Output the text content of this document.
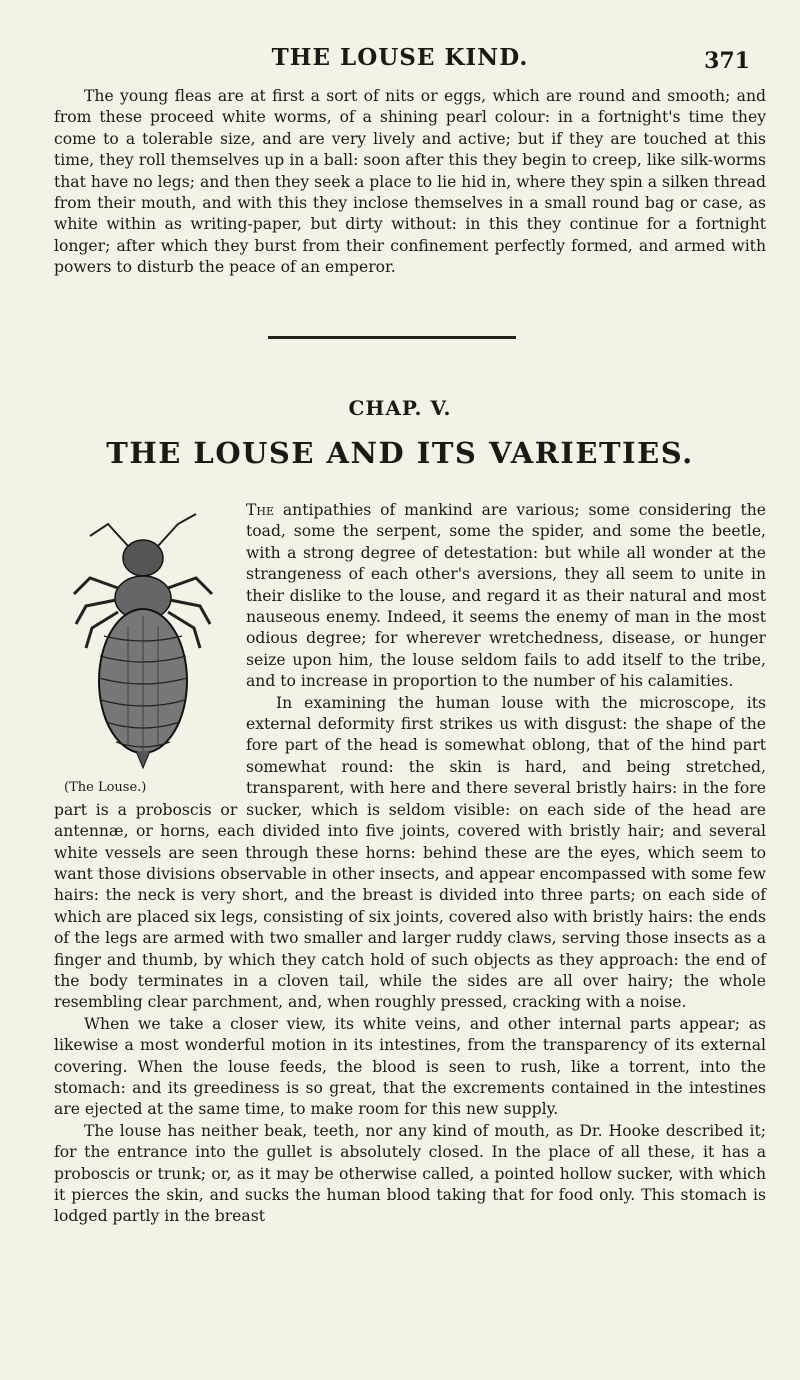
THE LOUSE KIND.	371

The young fleas are at first a sort of nits or eggs, which are round and smooth; and from these proceed white worms, of a shining pearl colour: in a fortnight's time they come to a tolerable size, and are very lively and active; but if they are touched at this time, they roll themselves up in a ball: soon after this they begin to creep, like silk-worms that have no legs; and then they seek a place to lie hid in, where they spin a silken thread from their mouth, and with this they inclose themselves in a small round bag or case, as white within as writing-paper, but dirty without: in this they continue for a fortnight longer; after which they burst from their confinement perfectly formed, and armed with powers to disturb the peace of an emperor.

CHAP. V.
THE LOUSE AND ITS VARIETIES.
(The Louse.)

The antipathies of mankind are various; some considering the toad, some the serpent, some the spider, and some the beetle, with a strong degree of detestation: but while all wonder at the strangeness of each other's aversions, they all seem to unite in their dislike to the louse, and regard it as their natural and most nauseous enemy. Indeed, it seems the enemy of man in the most odious degree; for wherever wretchedness, disease, or hunger seize upon him, the louse seldom fails to add itself to the tribe, and to increase in proportion to the number of his calamities.

In examining the human louse with the microscope, its external deformity first strikes us with disgust: the shape of the fore part of the head is somewhat oblong, that of the hind part somewhat round: the skin is hard, and being stretched, transparent, with here and there several bristly hairs: in the fore part is a proboscis or sucker, which is seldom visible: on each side of the head are antennæ, or horns, each divided into five joints, covered with bristly hair; and several white vessels are seen through these horns: behind these are the eyes, which seem to want those divisions observable in other insects, and appear encompassed with some few hairs: the neck is very short, and the breast is divided into three parts; on each side of which are placed six legs, consisting of six joints, covered also with bristly hairs: the ends of the legs are armed with two smaller and larger ruddy claws, serving those insects as a finger and thumb, by which they catch hold of such objects as they approach: the end of the body terminates in a cloven tail, while the sides are all over hairy; the whole resembling clear parchment, and, when roughly pressed, cracking with a noise.

When we take a closer view, its white veins, and other internal parts appear; as likewise a most wonderful motion in its intestines, from the transparency of its external covering. When the louse feeds, the blood is seen to rush, like a torrent, into the stomach: and its greediness is so great, that the excrements contained in the intestines are ejected at the same time, to make room for this new supply.

The louse has neither beak, teeth, nor any kind of mouth, as Dr. Hooke described it; for the entrance into the gullet is absolutely closed. In the place of all these, it has a proboscis or trunk; or, as it may be otherwise called, a pointed hollow sucker, with which it pierces the skin, and sucks the human blood taking that for food only. This stomach is lodged partly in the breast
